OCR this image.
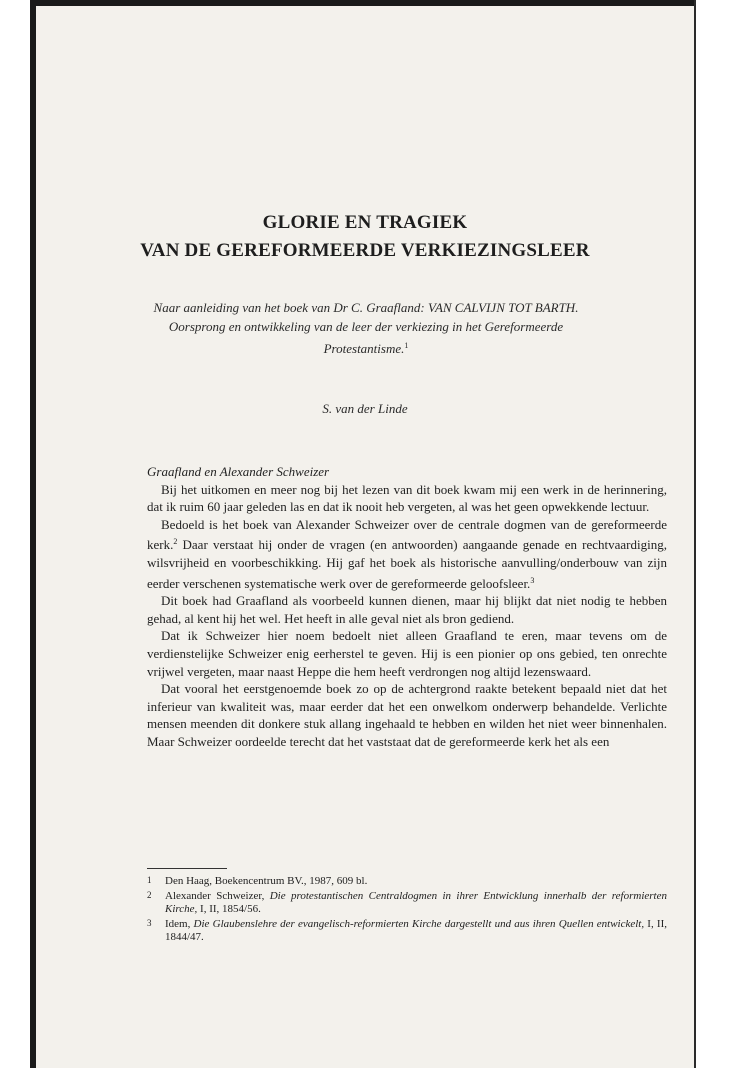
GLORIE EN TRAGIEK
VAN DE GEREFORMEERDE VERKIEZINGSLEER
Naar aanleiding van het boek van Dr C. Graafland: VAN CALVIJN TOT BARTH. Oorsprong en ontwikkeling van de leer der verkiezing in het Gereformeerde Protestantisme.$^1$
S. van der Linde

Graafland en Alexander Schweizer

Bij het uitkomen en meer nog bij het lezen van dit boek kwam mij een werk in de herinnering, dat ik ruim 60 jaar geleden las en dat ik nooit heb vergeten, al was het geen opwekkende lectuur.

Bedoeld is het boek van Alexander Schweizer over de centrale dogmen van de gereformeerde kerk.$^2$ Daar verstaat hij onder de vragen (en antwoorden) aangaande genade en rechtvaardiging, wilsvrijheid en voorbeschikking. Hij gaf het boek als historische aanvulling/onderbouw van zijn eerder verschenen systematische werk over de gereformeerde geloofsleer.$^3$

Dit boek had Graafland als voorbeeld kunnen dienen, maar hij blijkt dat niet nodig te hebben gehad, al kent hij het wel. Het heeft in alle geval niet als bron gediend.

Dat ik Schweizer hier noem bedoelt niet alleen Graafland te eren, maar tevens om de verdienstelijke Schweizer enig eerherstel te geven. Hij is een pionier op ons gebied, ten onrechte vrijwel vergeten, maar naast Heppe die hem heeft verdrongen nog altijd lezenswaard.

Dat vooral het eerstgenoemde boek zo op de achtergrond raakte betekent bepaald niet dat het inferieur van kwaliteit was, maar eerder dat het een onwelkom onderwerp behandelde. Verlichte mensen meenden dit donkere stuk allang ingehaald te hebben en wilden het niet weer binnenhalen. Maar Schweizer oordeelde terecht dat het vaststaat dat de gereformeerde kerk het als een

1 Den Haag, Boekencentrum BV., 1987, 609 bl.

2 Alexander Schweizer, Die protestantischen Centraldogmen in ihrer Entwicklung innerhalb der reformierten Kirche, I, II, 1854/56.

3 Idem, Die Glaubenslehre der evangelisch-reformierten Kirche dargestellt und aus ihren Quellen entwickelt, I, II, 1844/47.
